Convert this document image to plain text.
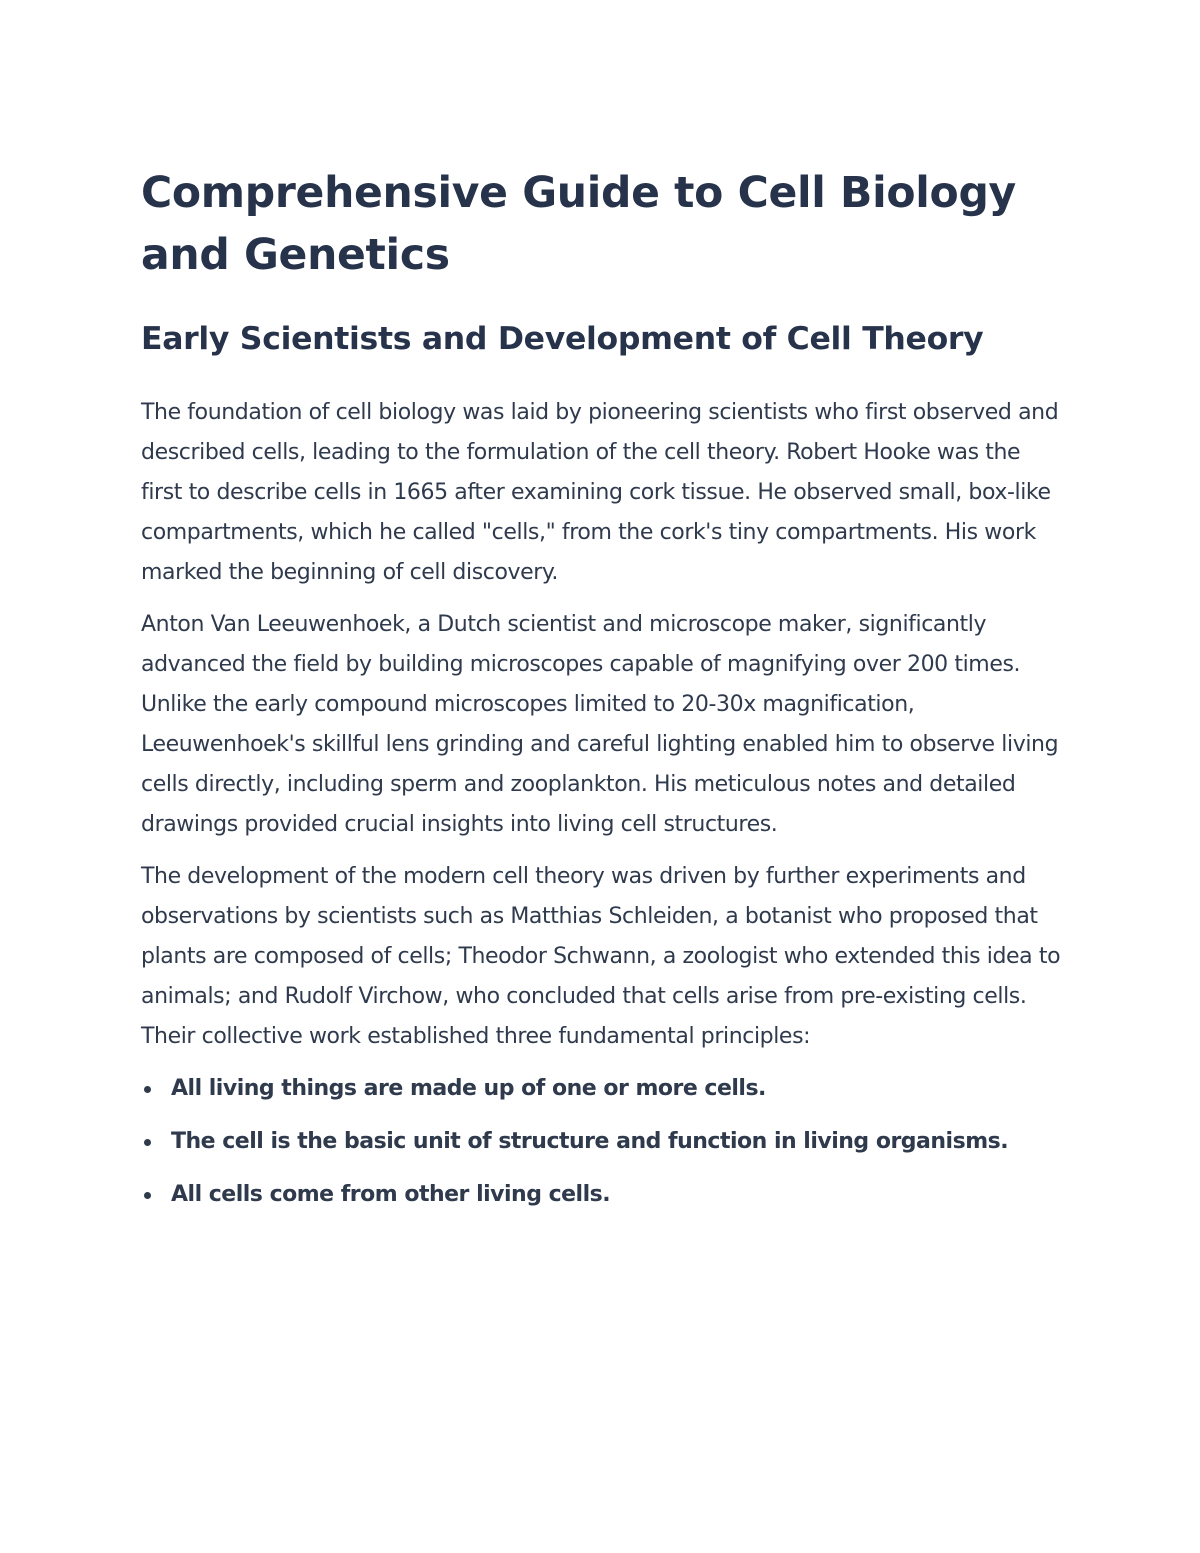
Comprehensive Guide to Cell Biology and Genetics
Early Scientists and Development of Cell Theory

The foundation of cell biology was laid by pioneering scientists who first observed and described cells, leading to the formulation of the cell theory. Robert Hooke was the first to describe cells in 1665 after examining cork tissue. He observed small, box-like compartments, which he called "cells," from the cork's tiny compartments. His work marked the beginning of cell discovery.

Anton Van Leeuwenhoek, a Dutch scientist and microscope maker, significantly advanced the field by building microscopes capable of magnifying over 200 times. Unlike the early compound microscopes limited to 20-30x magnification, Leeuwenhoek's skillful lens grinding and careful lighting enabled him to observe living cells directly, including sperm and zooplankton. His meticulous notes and detailed drawings provided crucial insights into living cell structures.

The development of the modern cell theory was driven by further experiments and observations by scientists such as Matthias Schleiden, a botanist who proposed that plants are composed of cells; Theodor Schwann, a zoologist who extended this idea to animals; and Rudolf Virchow, who concluded that cells arise from pre-existing cells. Their collective work established three fundamental principles:

All living things are made up of one or more cells.
The cell is the basic unit of structure and function in living organisms.
All cells come from other living cells.
